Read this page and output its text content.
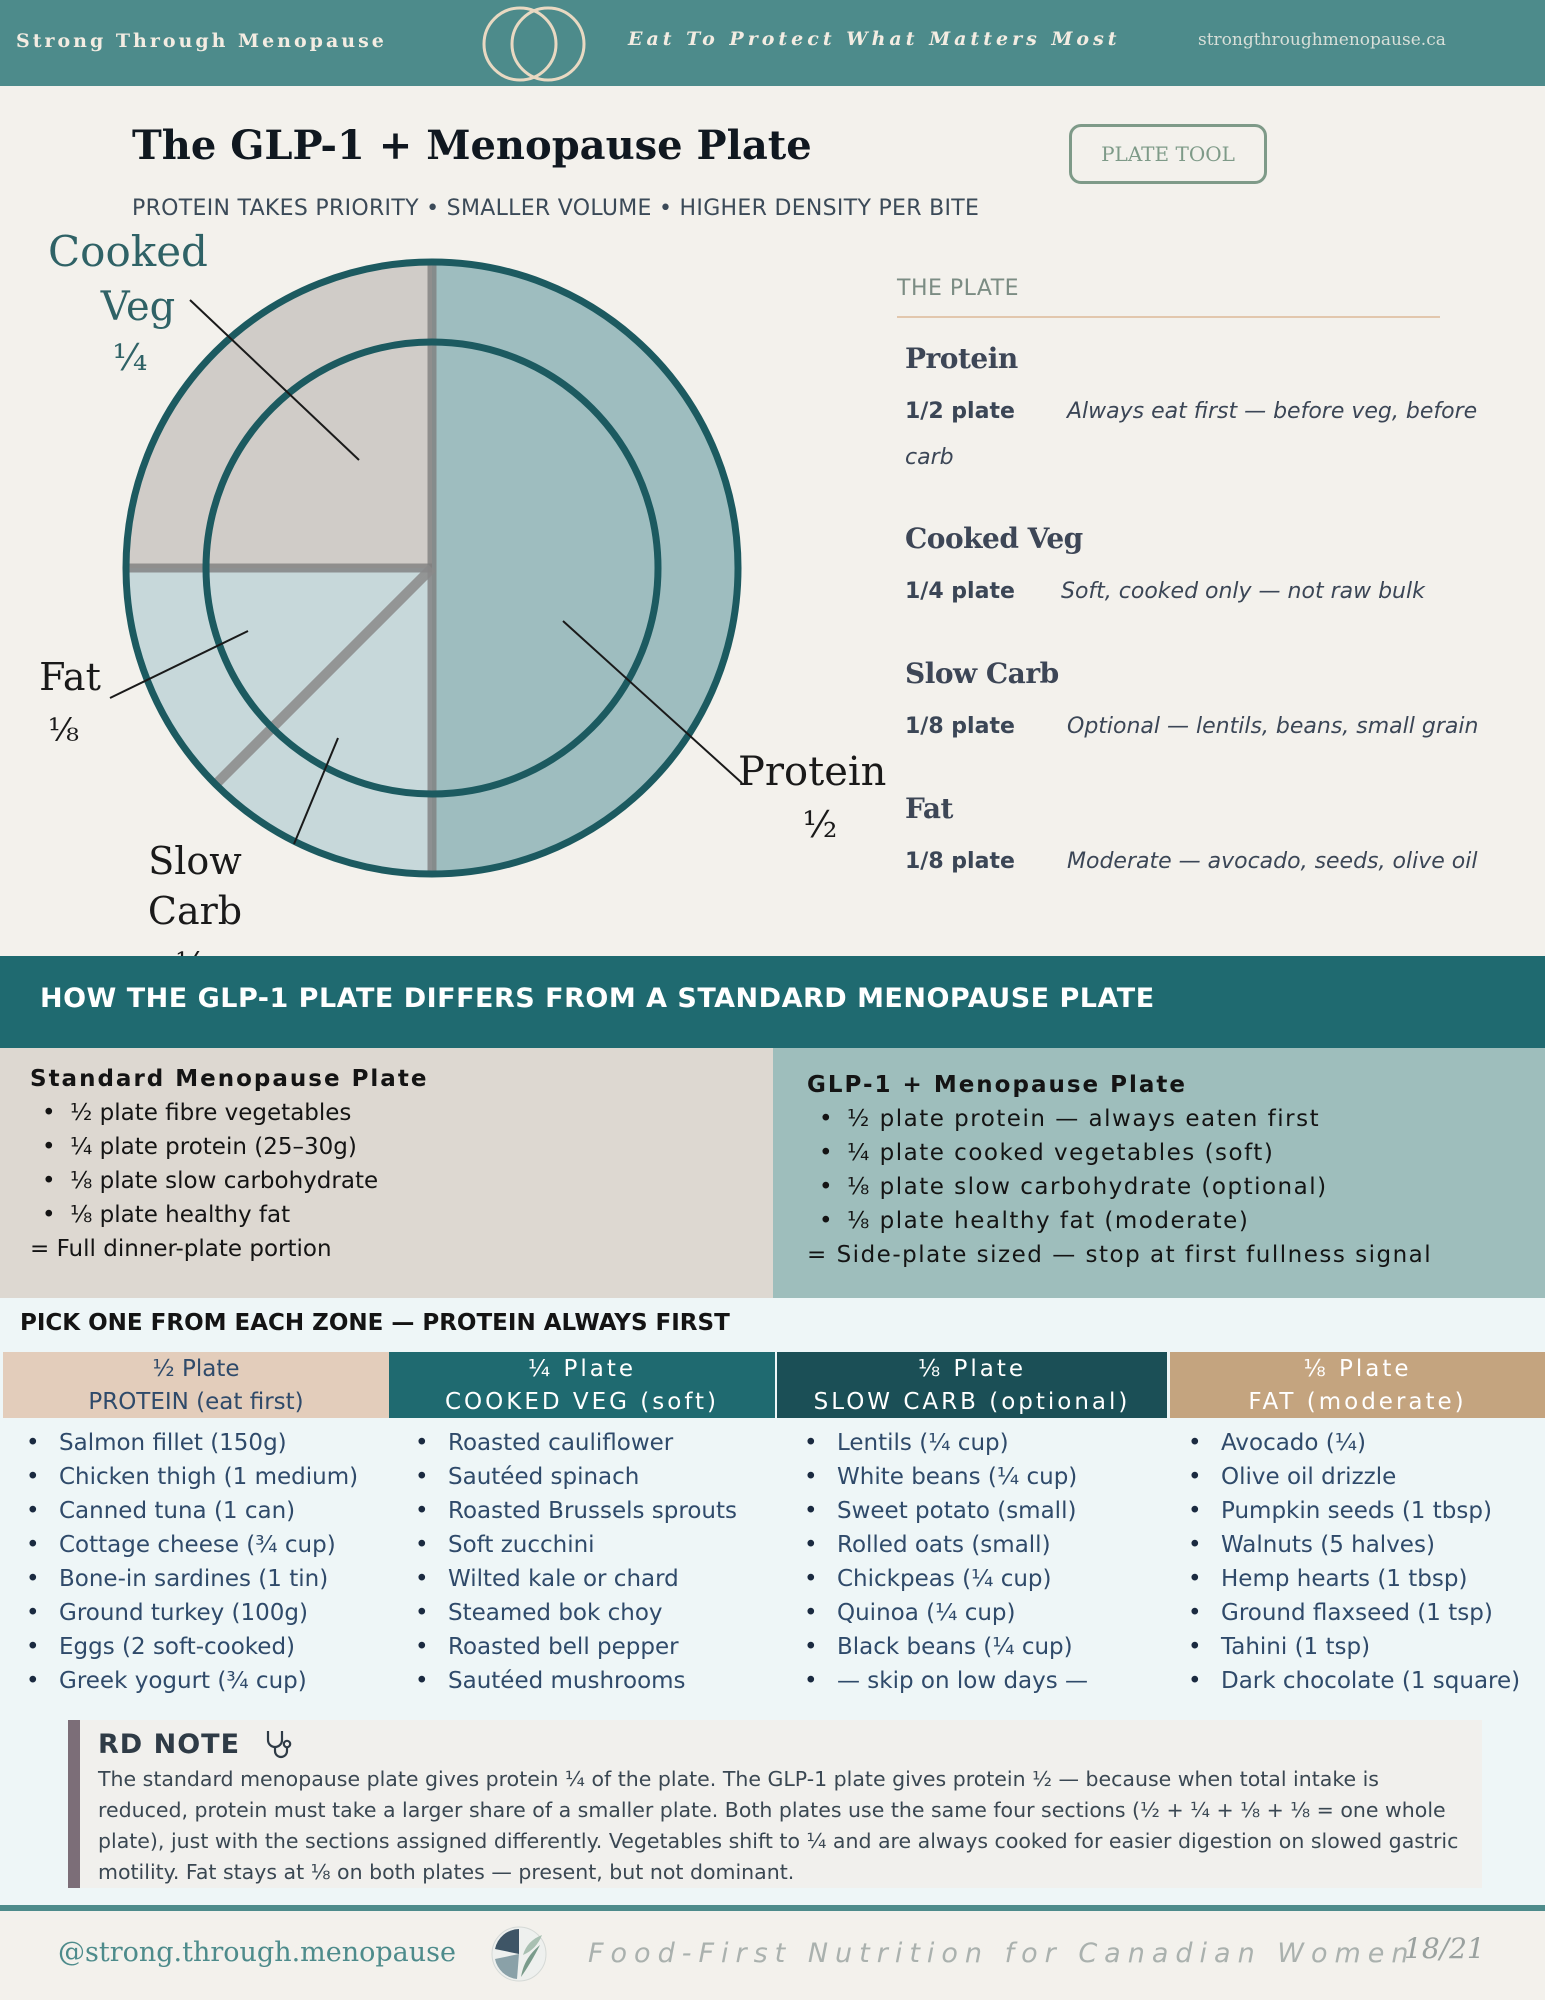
Strong Through Menopause	Eat To Protect What Matters Most	strongthroughmenopause.ca
The GLP-1 + Menopause Plate	PLATE TOOL
PROTEIN TAKES PRIORITY • SMALLER VOLUME • HIGHER DENSITY PER BITE
Cooked
Veg
¼
Fat
⅛
Slow Carb
Protein
½
THE PLATE
Protein
1/2 plate Always eat first — before veg, before carb
Cooked Veg
1/4 plate Soft, cooked only — not raw bulk
Slow Carb
1/8 plate Optional — lentils, beans, small grain
Fat
1/8 plate Moderate — avocado, seeds, olive oil
HOW THE GLP-1 PLATE DIFFERS FROM A STANDARD MENOPAUSE PLATE
Standard Menopause Plate
• ½ plate fibre vegetables
• ¼ plate protein (25–30g)
• ⅛ plate slow carbohydrate
• ⅛ plate healthy fat
= Full dinner-plate portion
GLP-1 + Menopause Plate
• ½ plate protein — always eaten first
• ¼ plate cooked vegetables (soft)
• ⅛ plate slow carbohydrate (optional)
• ⅛ plate healthy fat (moderate)
= Side-plate sized — stop at first fullness signal
PICK ONE FROM EACH ZONE — PROTEIN ALWAYS FIRST
½ Plate
PROTEIN (eat first)
¼ Plate
COOKED VEG (soft)
⅛ Plate
SLOW CARB (optional)
⅛ Plate
FAT (moderate)
• Salmon fillet (150g)
• Chicken thigh (1 medium)
• Canned tuna (1 can)
• Cottage cheese (¾ cup)
• Bone-in sardines (1 tin)
• Ground turkey (100g)
• Eggs (2 soft-cooked)
• Greek yogurt (¾ cup)
• Roasted cauliflower
• Sautéed spinach
• Roasted Brussels sprouts
• Soft zucchini
• Wilted kale or chard
• Steamed bok choy
• Roasted bell pepper
• Sautéed mushrooms
• Lentils (¼ cup)
• White beans (¼ cup)
• Sweet potato (small)
• Rolled oats (small)
• Chickpeas (¼ cup)
• Quinoa (¼ cup)
• Black beans (¼ cup)
• — skip on low days —
• Avocado (¼)
• Olive oil drizzle
• Pumpkin seeds (1 tbsp)
• Walnuts (5 halves)
• Hemp hearts (1 tbsp)
• Ground flaxseed (1 tsp)
• Tahini (1 tsp)
• Dark chocolate (1 square)
RD NOTE
The standard menopause plate gives protein ¼ of the plate. The GLP-1 plate gives protein ½ — because when total intake is reduced, protein must take a larger share of a smaller plate. Both plates use the same four sections (½ + ¼ + ⅛ + ⅛ = one whole plate), just with the sections assigned differently. Vegetables shift to ¼ and are always cooked for easier digestion on slowed gastric motility. Fat stays at ⅛ on both plates — present, but not dominant.
@strong.through.menopause	Food-First Nutrition for Canadian Women
18/21
